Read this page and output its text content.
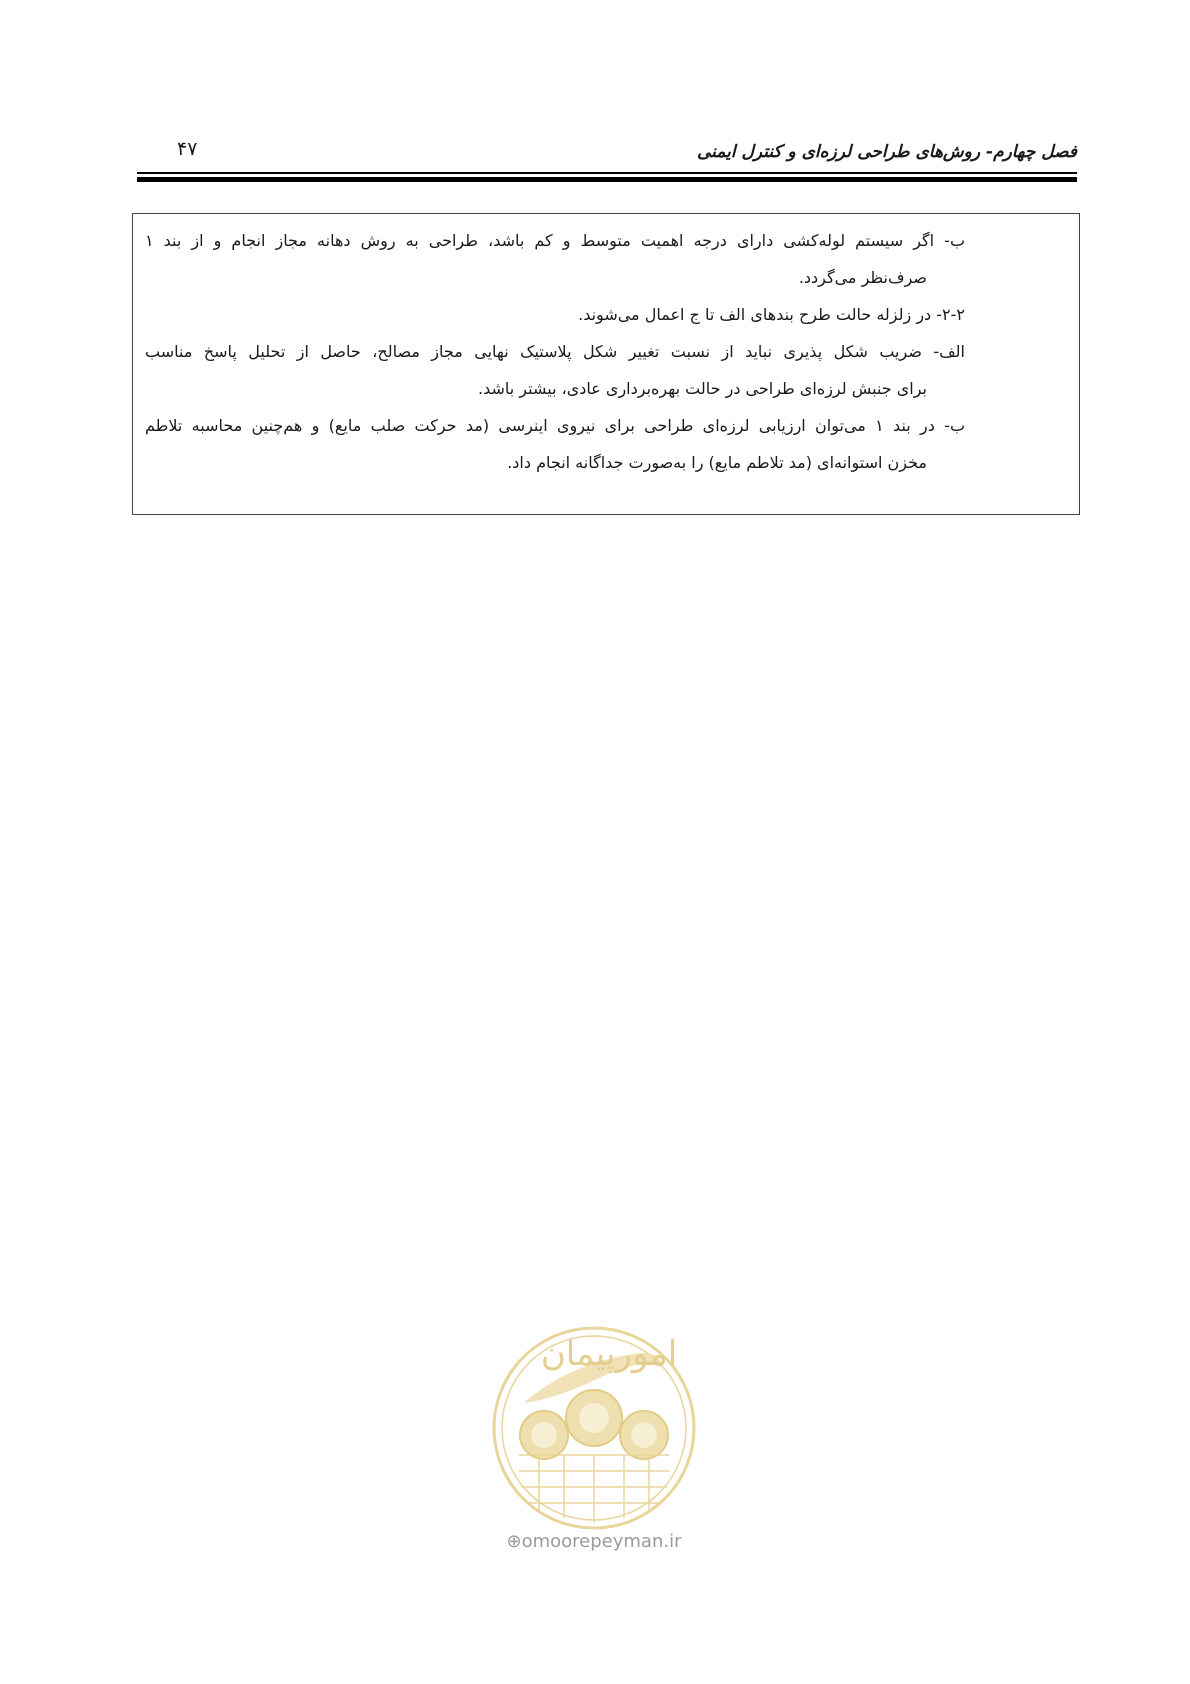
فصل چهارم- روش‌های طراحی لرزه‌ای و کنترل ایمنی
۴۷
ب- اگر سیستم لوله‌کشی دارای درجه اهمیت متوسط و کم باشد، طراحی به روش دهانه مجاز انجام و از بند ۱
صرف‌نظر می‌گردد.
۲-۲- در زلزله حالت طرح بندهای الف تا ج اعمال می‌شوند.
الف- ضریب شکل پذیری نباید از نسبت تغییر شکل پلاستیک نهایی مجاز مصالح، حاصل از تحلیل پاسخ مناسب
برای جنبش لرزه‌ای طراحی در حالت بهره‌برداری عادی، بیشتر باشد.
ب- در بند ۱ می‌توان ارزیابی لرزه‌ای طراحی برای نیروی اینرسی (مد حرکت صلب مایع) و هم‌چنین محاسبه تلاطم
مخزن استوانه‌ای (مد تلاطم مایع) را به‌صورت جداگانه انجام داد.
امورپیمان
⊕omoorepeyman.ir
